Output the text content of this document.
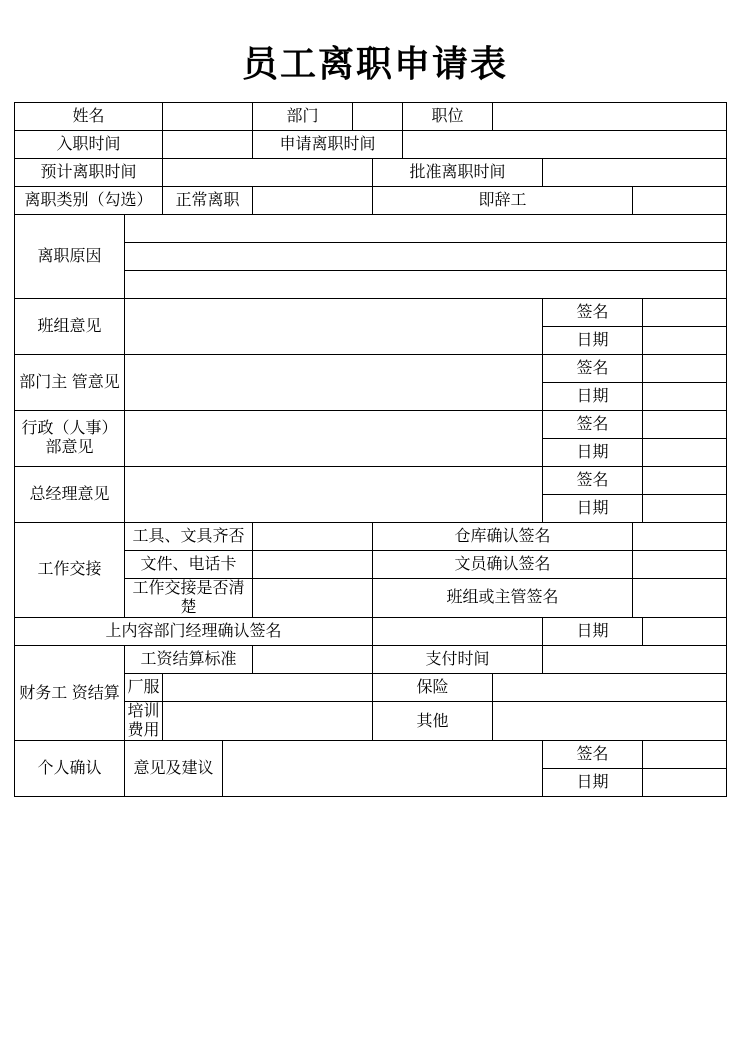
员工离职申请表
姓名				部门			职位				
入职时间				申请离职时间							
预计离职时间						批准离职时间					
离职类别（勾选）		正常离职				即辞工					
离职原因											

班组意见									签名		
									日期		
部门主 管意见									签名		
									日期		
行政（人事）部意见									签名		
									日期		
总经理意见									签名		
									日期		
工作交接	工具、文具齐否					仓库确认签名					
	文件、电话卡					文员确认签名					
	工作交接是否清楚					班组或主管签名					
上内容部门经理确认签名									日期		
财务工 资结算	工资结算标准					支付时间					
	厂服					保险					
	培训费用					其他					
个人确认	意见及建议								签名		
									日期		
